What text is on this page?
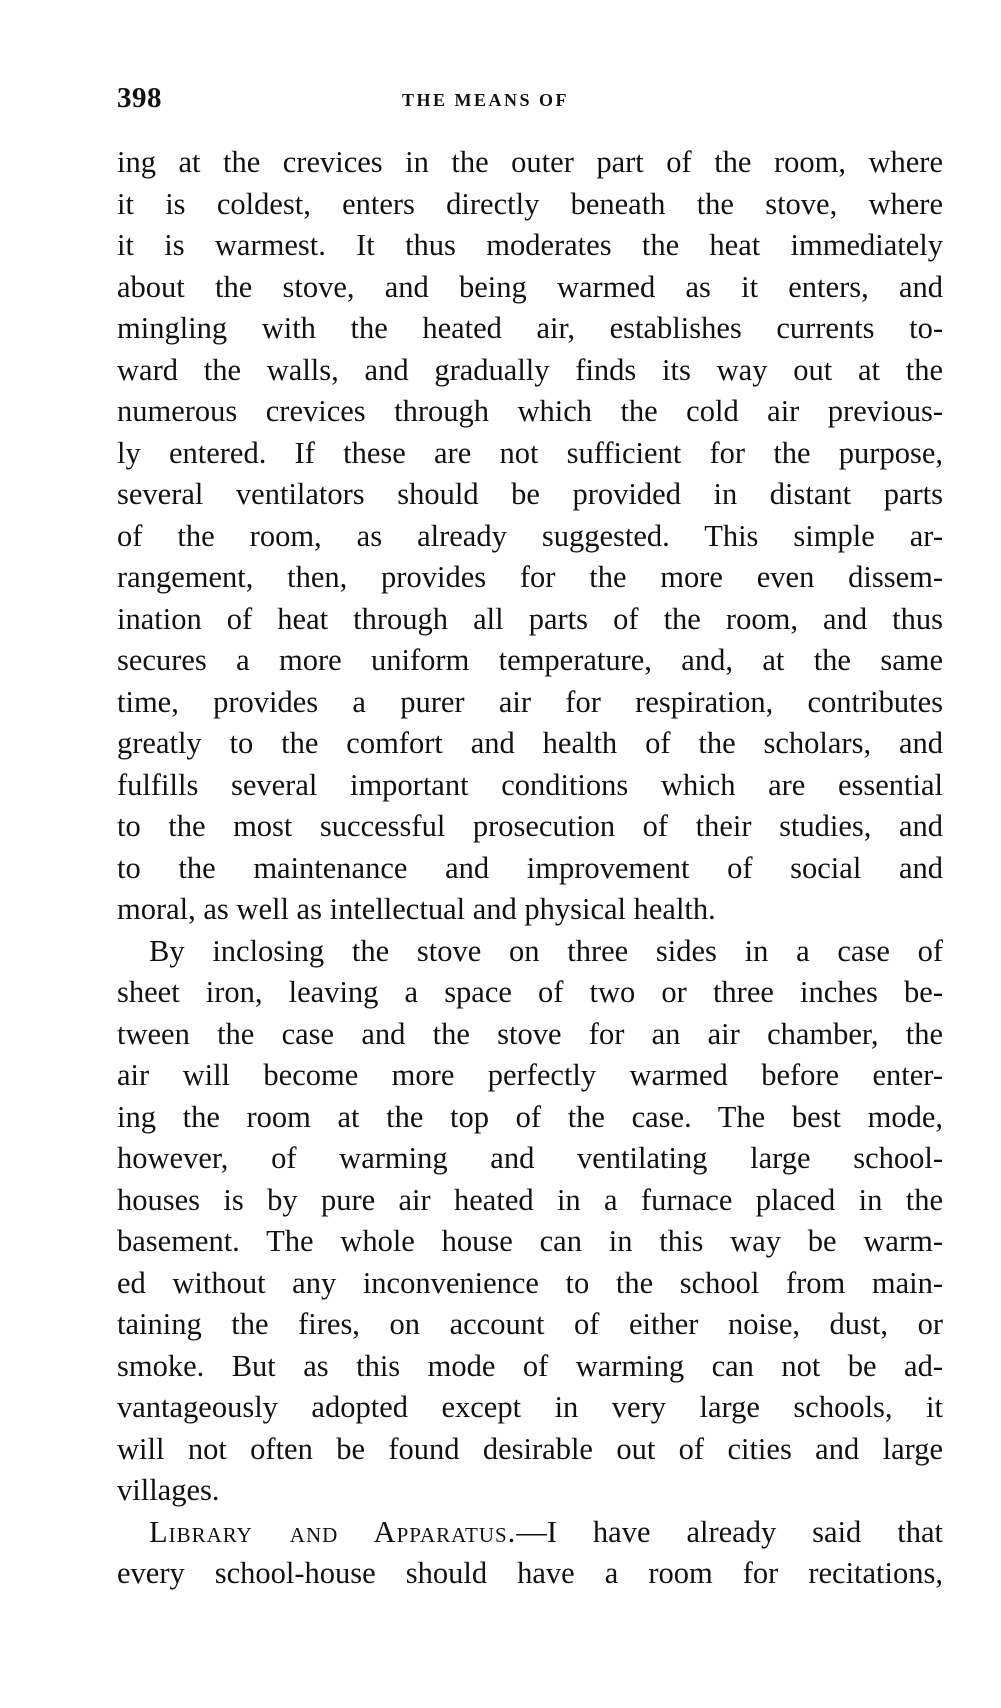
398	THE MEANS OF
ing at the crevices in the outer part of the room, where
it is coldest, enters directly beneath the stove, where
it is warmest. It thus moderates the heat immediately
about the stove, and being warmed as it enters, and
mingling with the heated air, establishes currents to-
ward the walls, and gradually finds its way out at the
numerous crevices through which the cold air previous-
ly entered. If these are not sufficient for the purpose,
several ventilators should be provided in distant parts
of the room, as already suggested. This simple ar-
rangement, then, provides for the more even dissem-
ination of heat through all parts of the room, and thus
secures a more uniform temperature, and, at the same
time, provides a purer air for respiration, contributes
greatly to the comfort and health of the scholars, and
fulfills several important conditions which are essential
to the most successful prosecution of their studies, and
to the maintenance and improvement of social and
moral, as well as intellectual and physical health.
By inclosing the stove on three sides in a case of
sheet iron, leaving a space of two or three inches be-
tween the case and the stove for an air chamber, the
air will become more perfectly warmed before enter-
ing the room at the top of the case. The best mode,
however, of warming and ventilating large school-
houses is by pure air heated in a furnace placed in the
basement. The whole house can in this way be warm-
ed without any inconvenience to the school from main-
taining the fires, on account of either noise, dust, or
smoke. But as this mode of warming can not be ad-
vantageously adopted except in very large schools, it
will not often be found desirable out of cities and large
villages.
Library and Apparatus.—I have already said that
every school-house should have a room for recitations,
